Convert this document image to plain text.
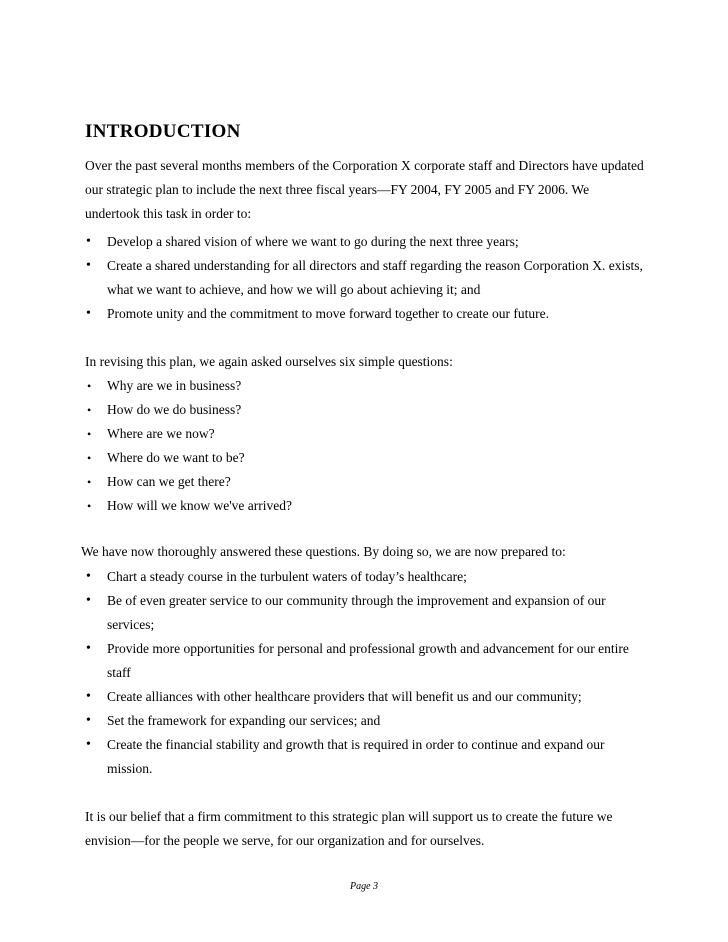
INTRODUCTION

Over the past several months members of the Corporation X corporate staff and Directors have updated our strategic plan to include the next three fiscal years—FY 2004, FY 2005 and FY 2006. We undertook this task in order to:

• Develop a shared vision of where we want to go during the next three years;
• Create a shared understanding for all directors and staff regarding the reason Corporation X. exists, what we want to achieve, and how we will go about achieving it; and
• Promote unity and the commitment to move forward together to create our future.

In revising this plan, we again asked ourselves six simple questions:

• Why are we in business?
• How do we do business?
• Where are we now?
• Where do we want to be?
• How can we get there?
• How will we know we've arrived?

We have now thoroughly answered these questions. By doing so, we are now prepared to:

• Chart a steady course in the turbulent waters of today’s healthcare;
• Be of even greater service to our community through the improvement and expansion of our services;
• Provide more opportunities for personal and professional growth and advancement for our entire staff
• Create alliances with other healthcare providers that will benefit us and our community;
• Set the framework for expanding our services; and
• Create the financial stability and growth that is required in order to continue and expand our mission.

It is our belief that a firm commitment to this strategic plan will support us to create the future we envision—for the people we serve, for our organization and for ourselves.

Page 3
